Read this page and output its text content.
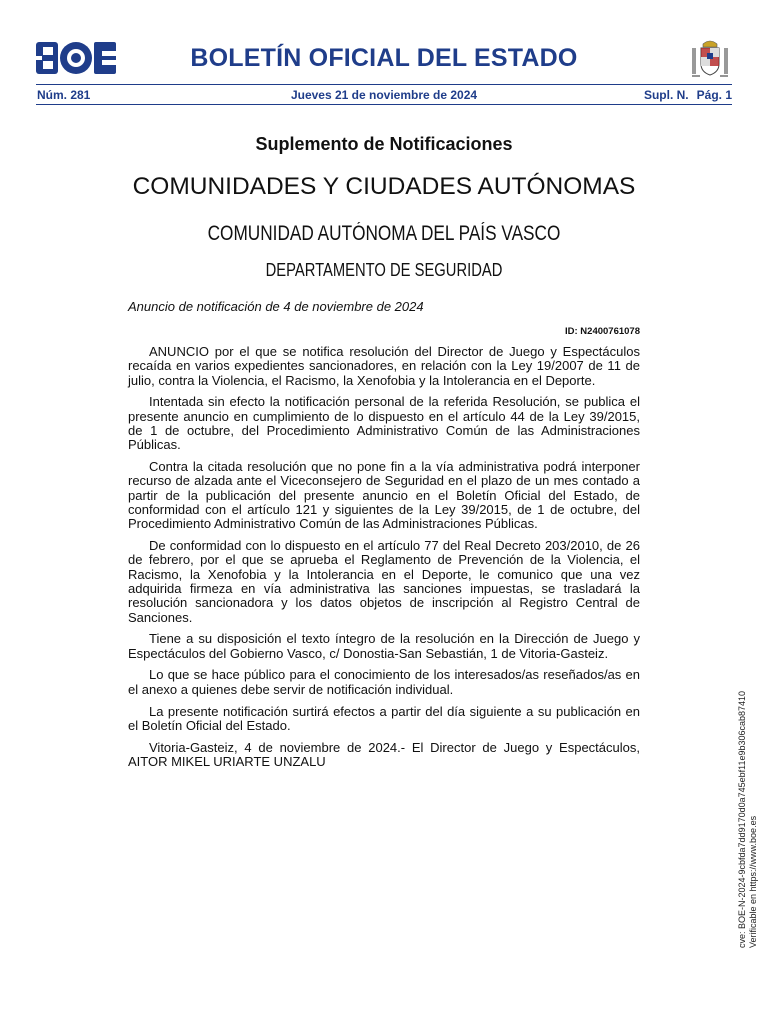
BOLETÍN OFICIAL DEL ESTADO
Núm. 281	Jueves 21 de noviembre de 2024	Supl. N. Pág. 1
Suplemento de Notificaciones
COMUNIDADES Y CIUDADES AUTÓNOMAS
COMUNIDAD AUTÓNOMA DEL PAÍS VASCO
DEPARTAMENTO DE SEGURIDAD
Anuncio de notificación de 4 de noviembre de 2024
ID: N2400761078

ANUNCIO por el que se notifica resolución del Director de Juego y Espectáculos recaída en varios expedientes sancionadores, en relación con la Ley 19/2007 de 11 de julio, contra la Violencia, el Racismo, la Xenofobia y la Intolerancia en el Deporte.

Intentada sin efecto la notificación personal de la referida Resolución, se publica el presente anuncio en cumplimiento de lo dispuesto en el artículo 44 de la Ley 39/2015, de 1 de octubre, del Procedimiento Administrativo Común de las Administraciones Públicas.

Contra la citada resolución que no pone fin a la vía administrativa podrá interponer recurso de alzada ante el Viceconsejero de Seguridad en el plazo de un mes contado a partir de la publicación del presente anuncio en el Boletín Oficial del Estado, de conformidad con el artículo 121 y siguientes de la Ley 39/2015, de 1 de octubre, del Procedimiento Administrativo Común de las Administraciones Públicas.

De conformidad con lo dispuesto en el artículo 77 del Real Decreto 203/2010, de 26 de febrero, por el que se aprueba el Reglamento de Prevención de la Violencia, el Racismo, la Xenofobia y la Intolerancia en el Deporte, le comunico que una vez adquirida firmeza en vía administrativa las sanciones impuestas, se trasladará la resolución sancionadora y los datos objetos de inscripción al Registro Central de Sanciones.

Tiene a su disposición el texto íntegro de la resolución en la Dirección de Juego y Espectáculos del Gobierno Vasco, c/ Donostia-San Sebastián, 1 de Vitoria-Gasteiz.

Lo que se hace público para el conocimiento de los interesados/as reseñados/as en el anexo a quienes debe servir de notificación individual.

La presente notificación surtirá efectos a partir del día siguiente a su publicación en el Boletín Oficial del Estado.

Vitoria-Gasteiz, 4 de noviembre de 2024.- El Director de Juego y Espectáculos, AITOR MIKEL URIARTE UNZALU	cve: BOE-N-2024-9cbfda7dd9170d0a745ebf11e9b306cab87410 Verificable en https://www.boe.es
